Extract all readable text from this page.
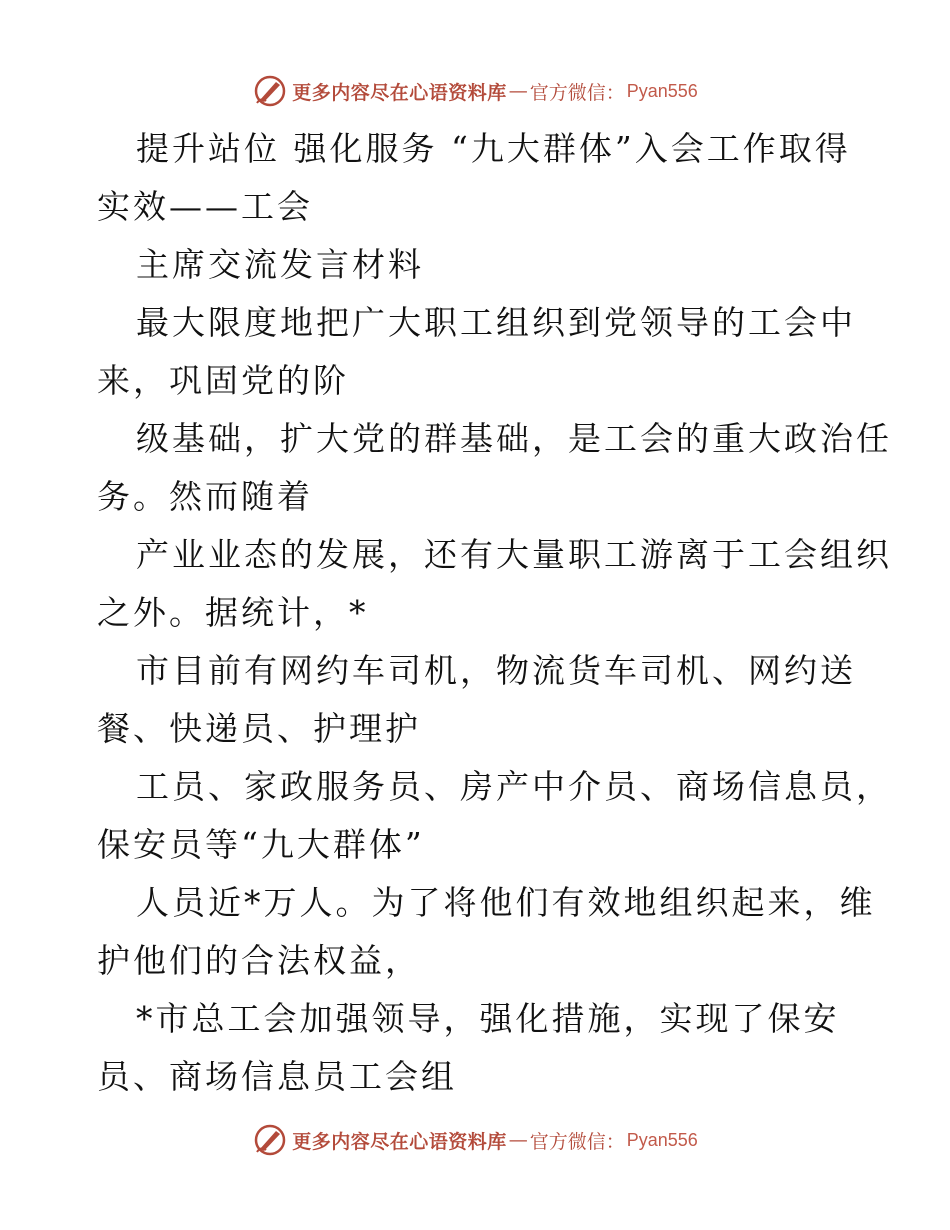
更多内容尽在心语资料库 — 官方微信： Pyan556
提升站位 强化服务 “九大群体”入会工作取得
实效——工会
主席交流发言材料
最大限度地把广大职工组织到党领导的工会中
来，巩固党的阶
级基础，扩大党的群基础，是工会的重大政治任
务。然而随着
产业业态的发展，还有大量职工游离于工会组织
之外。据统计，*
市目前有网约车司机，物流货车司机、网约送
餐、快递员、护理护
工员、家政服务员、房产中介员、商场信息员，
保安员等“九大群体”
人员近*万人。为了将他们有效地组织起来，维
护他们的合法权益，
*市总工会加强领导，强化措施，实现了保安
员、商场信息员工会组
更多内容尽在心语资料库 — 官方微信： Pyan556
